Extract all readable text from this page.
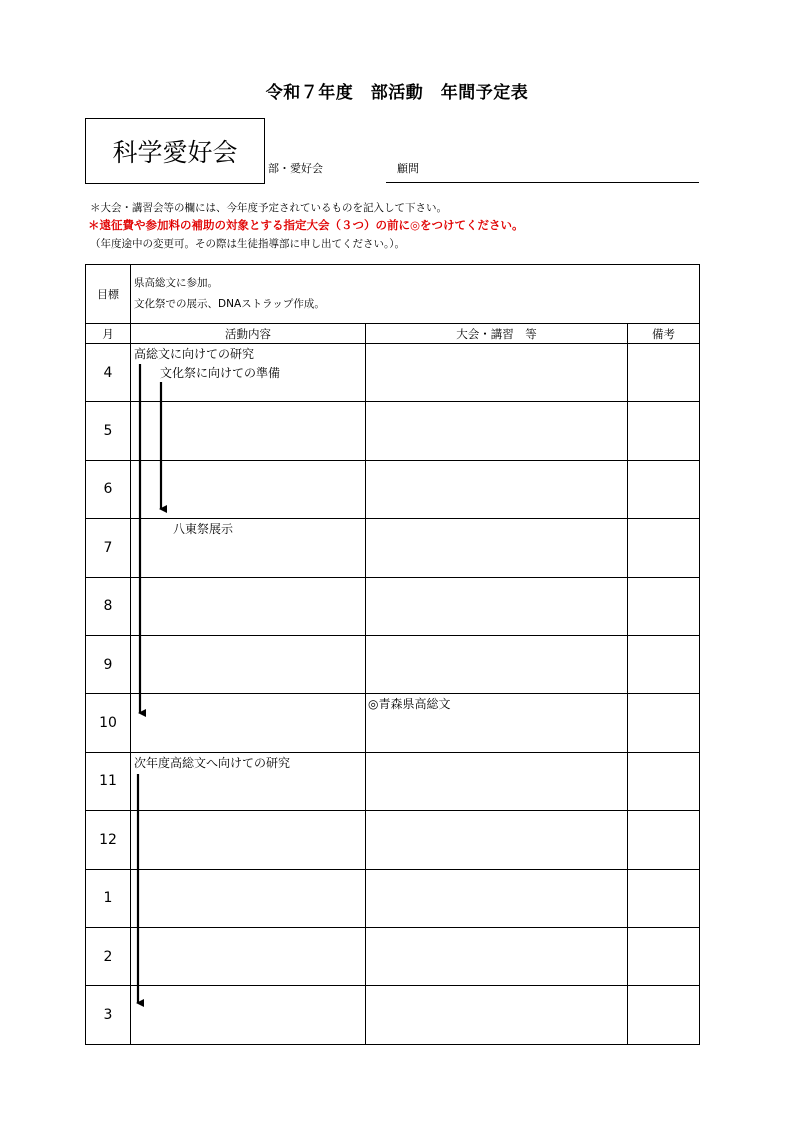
令和７年度　部活動　年間予定表
科学愛好会
部・愛好会	顧問
＊大会・講習会等の欄には、今年度予定されているものを記入して下さい。
＊遠征費や参加料の補助の対象とする指定大会（３つ）の前に◎をつけてください。
（年度途中の変更可。その際は生徒指導部に申し出てください。）。
目標	県高総文に参加。
文化祭での展示、DNAストラップ作成。		

月	活動内容	大会・講習　等	備考
4	高総文に向けての研究
文化祭に向けての準備		

5	

6	

7	八東祭展示		

8	

9	

10		◎青森県高総文	

11	次年度高総文へ向けての研究		

12	

1	

2	

3	
